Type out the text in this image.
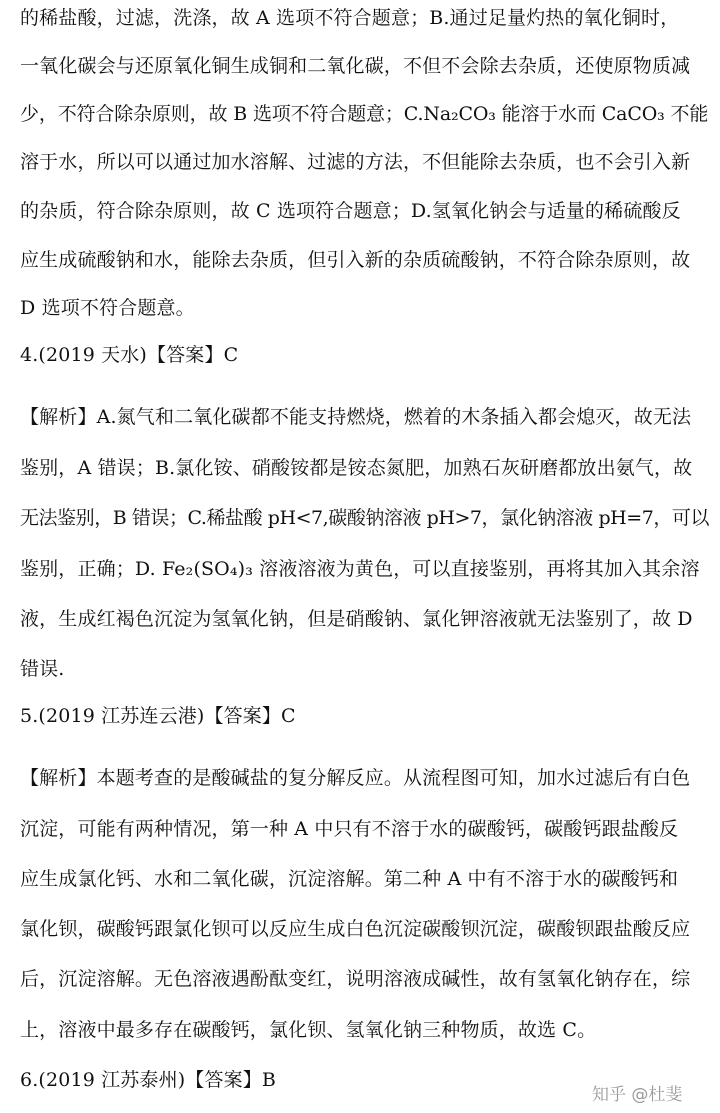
的稀盐酸，过滤，洗涤，故 A 选项不符合题意；B.通过足量灼热的氧化铜时，
一氧化碳会与还原氧化铜生成铜和二氧化碳，不但不会除去杂质，还使原物质减
少，不符合除杂原则，故 B 选项不符合题意；C.Na₂CO₃ 能溶于水而 CaCO₃ 不能
溶于水，所以可以通过加水溶解、过滤的方法，不但能除去杂质，也不会引入新
的杂质，符合除杂原则，故 C 选项符合题意；D.氢氧化钠会与适量的稀硫酸反
应生成硫酸钠和水，能除去杂质，但引入新的杂质硫酸钠，不符合除杂原则，故
D 选项不符合题意。
4.(2019 天水)【答案】C
【解析】A.氮气和二氧化碳都不能支持燃烧，燃着的木条插入都会熄灭，故无法
鉴别，A 错误；B.氯化铵、硝酸铵都是铵态氮肥，加熟石灰研磨都放出氨气，故
无法鉴别，B 错误；C.稀盐酸 pH<7,碳酸钠溶液 pH>7，氯化钠溶液 pH=7，可以
鉴别，正确；D. Fe₂(SO₄)₃ 溶液溶液为黄色，可以直接鉴别，再将其加入其余溶
液，生成红褐色沉淀为氢氧化钠，但是硝酸钠、氯化钾溶液就无法鉴别了，故 D
错误.
5.(2019 江苏连云港)【答案】C
【解析】本题考查的是酸碱盐的复分解反应。从流程图可知，加水过滤后有白色
沉淀，可能有两种情况，第一种 A 中只有不溶于水的碳酸钙，碳酸钙跟盐酸反
应生成氯化钙、水和二氧化碳，沉淀溶解。第二种 A 中有不溶于水的碳酸钙和
氯化钡，碳酸钙跟氯化钡可以反应生成白色沉淀碳酸钡沉淀，碳酸钡跟盐酸反应
后，沉淀溶解。无色溶液遇酚酞变红，说明溶液成碱性，故有氢氧化钠存在，综
上，溶液中最多存在碳酸钙，氯化钡、氢氧化钠三种物质，故选 C。
6.(2019 江苏泰州)【答案】B
知乎 @杜斐
